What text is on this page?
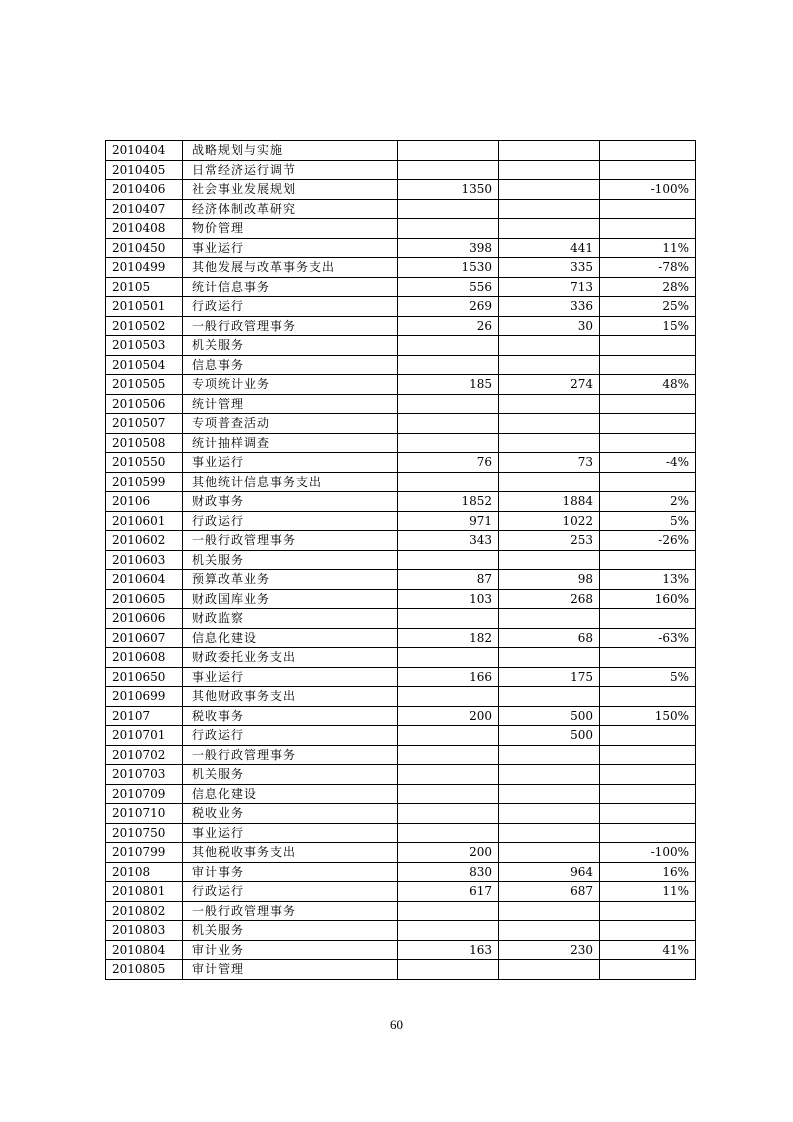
2010404	战略规划与实施			
2010405	日常经济运行调节			
2010406	社会事业发展规划	1350		-100%
2010407	经济体制改革研究			
2010408	物价管理			
2010450	事业运行	398	441	11%
2010499	其他发展与改革事务支出	1530	335	-78%
20105	统计信息事务	556	713	28%
2010501	行政运行	269	336	25%
2010502	一般行政管理事务	26	30	15%
2010503	机关服务			
2010504	信息事务			
2010505	专项统计业务	185	274	48%
2010506	统计管理			
2010507	专项普查活动			
2010508	统计抽样调查			
2010550	事业运行	76	73	-4%
2010599	其他统计信息事务支出			
20106	财政事务	1852	1884	2%
2010601	行政运行	971	1022	5%
2010602	一般行政管理事务	343	253	-26%
2010603	机关服务			
2010604	预算改革业务	87	98	13%
2010605	财政国库业务	103	268	160%
2010606	财政监察			
2010607	信息化建设	182	68	-63%
2010608	财政委托业务支出			
2010650	事业运行	166	175	5%
2010699	其他财政事务支出			
20107	税收事务	200	500	150%
2010701	行政运行		500	
2010702	一般行政管理事务			
2010703	机关服务			
2010709	信息化建设			
2010710	税收业务			
2010750	事业运行			
2010799	其他税收事务支出	200		-100%
20108	审计事务	830	964	16%
2010801	行政运行	617	687	11%
2010802	一般行政管理事务			
2010803	机关服务			
2010804	审计业务	163	230	41%
2010805	审计管理			
60
